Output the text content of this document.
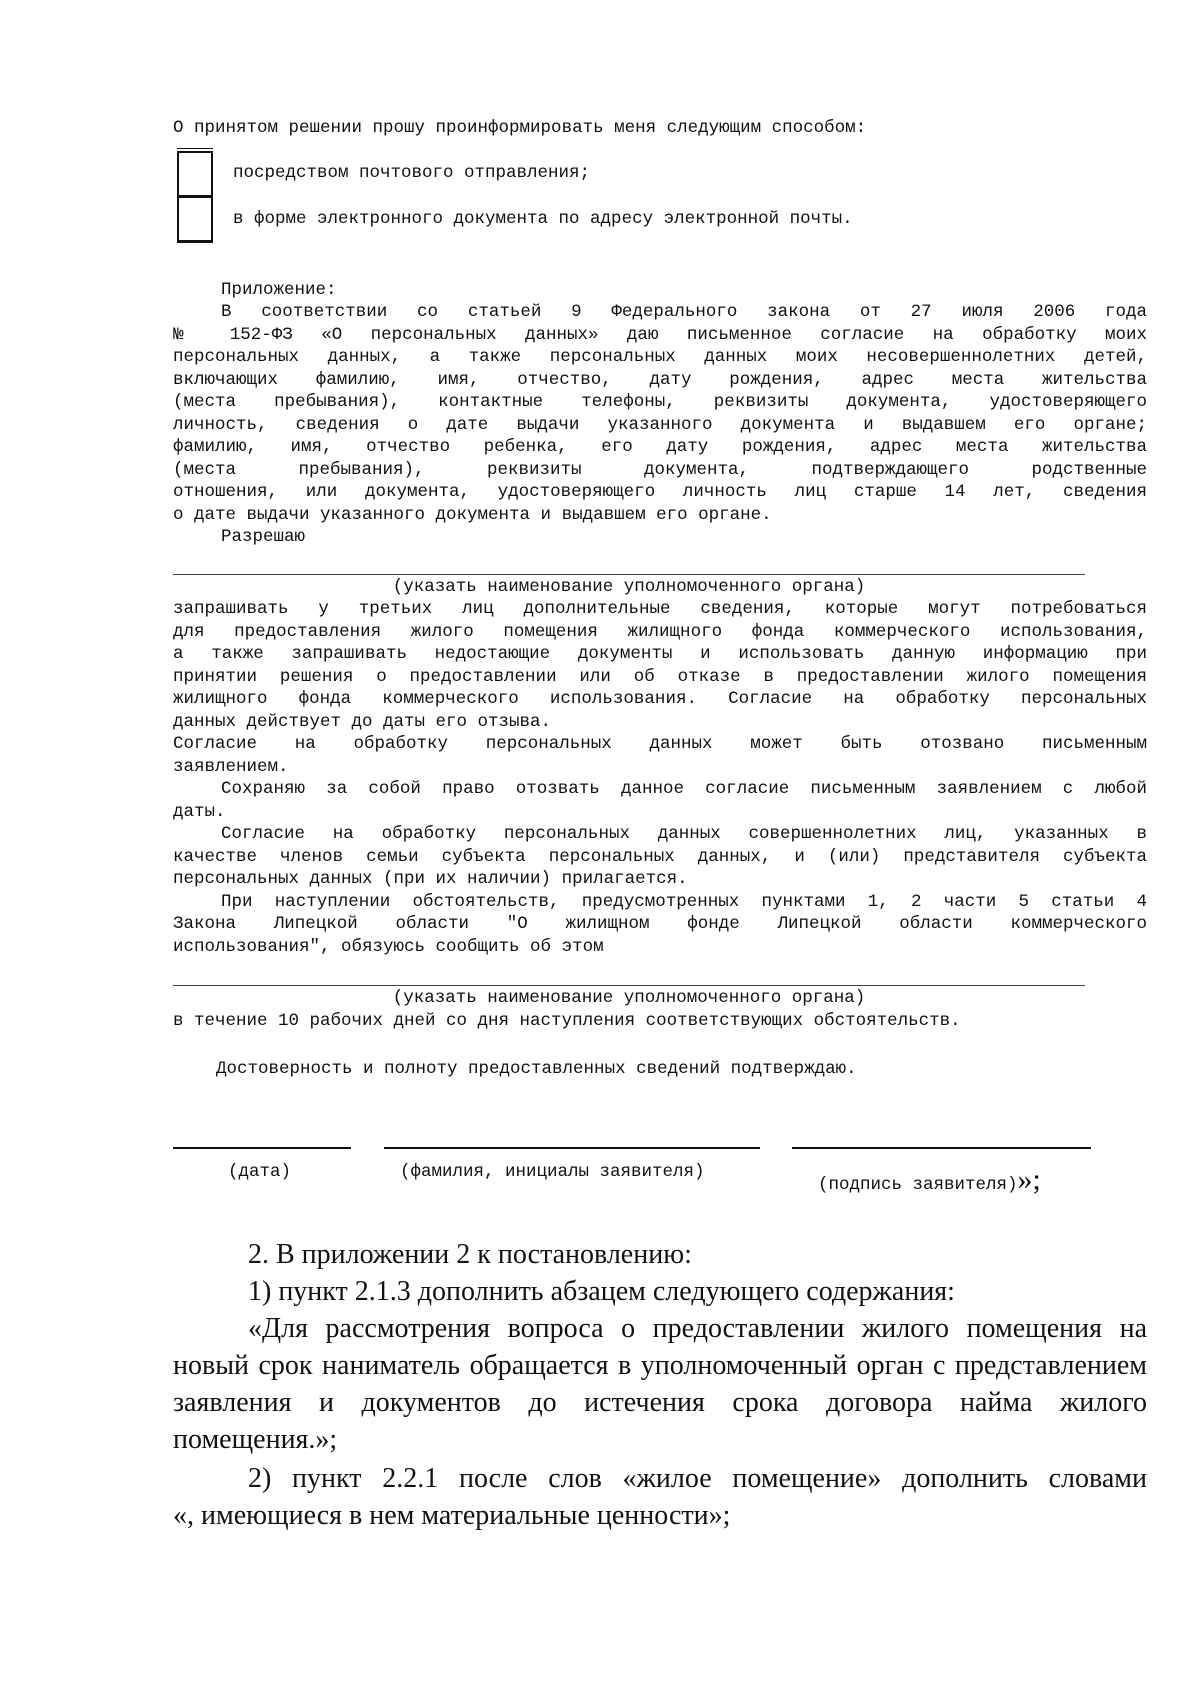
О принятом решении прошу проинформировать меня следующим способом:
посредством почтового отправления;
в форме электронного документа по адресу электронной почты.
Приложение:
В соответствии со статьей 9 Федерального закона от 27 июля 2006 года
№ 152-ФЗ «О персональных данных» даю письменное согласие на обработку моих
персональных данных, а также персональных данных моих несовершеннолетних детей,
включающих фамилию, имя, отчество, дату рождения, адрес места жительства
(места пребывания), контактные телефоны, реквизиты документа, удостоверяющего
личность, сведения о дате выдачи указанного документа и выдавшем его органе;
фамилию, имя, отчество ребенка, его дату рождения, адрес места жительства
(места пребывания), реквизиты документа, подтверждающего родственные
отношения, или документа, удостоверяющего личность лиц старше 14 лет, сведения
о дате выдачи указанного документа и выдавшем его органе.
Разрешаю
(указать наименование уполномоченного органа)
запрашивать у третьих лиц дополнительные сведения, которые могут потребоваться
для предоставления жилого помещения жилищного фонда коммерческого использования,
а также запрашивать недостающие документы и использовать данную информацию при
принятии решения о предоставлении или об отказе в предоставлении жилого помещения
жилищного фонда коммерческого использования. Согласие на обработку персональных
данных действует до даты его отзыва.
Согласие на обработку персональных данных может быть отозвано письменным
заявлением.
Сохраняю за собой право отозвать данное согласие письменным заявлением с любой
даты.
Согласие на обработку персональных данных совершеннолетних лиц, указанных в
качестве членов семьи субъекта персональных данных, и (или) представителя субъекта
персональных данных (при их наличии) прилагается.
При наступлении обстоятельств, предусмотренных пунктами 1, 2 части 5 статьи 4
Закона Липецкой области "О жилищном фонде Липецкой области коммерческого
использования", обязуюсь сообщить об этом
(указать наименование уполномоченного органа)
в течение 10 рабочих дней со дня наступления соответствующих обстоятельств.
Достоверность и полноту предоставленных сведений подтверждаю.
(дата)	(фамилия, инициалы заявителя)
(подпись заявителя)»;
2. В приложении 2 к постановлению:
1) пункт 2.1.3 дополнить абзацем следующего содержания:
«Для рассмотрения вопроса о предоставлении жилого помещения на
новый срок наниматель обращается в уполномоченный орган с представлением
заявления и документов до истечения срока договора найма жилого
помещения.»;
2) пункт 2.2.1 после слов «жилое помещение» дополнить словами
«, имеющиеся в нем материальные ценности»;
